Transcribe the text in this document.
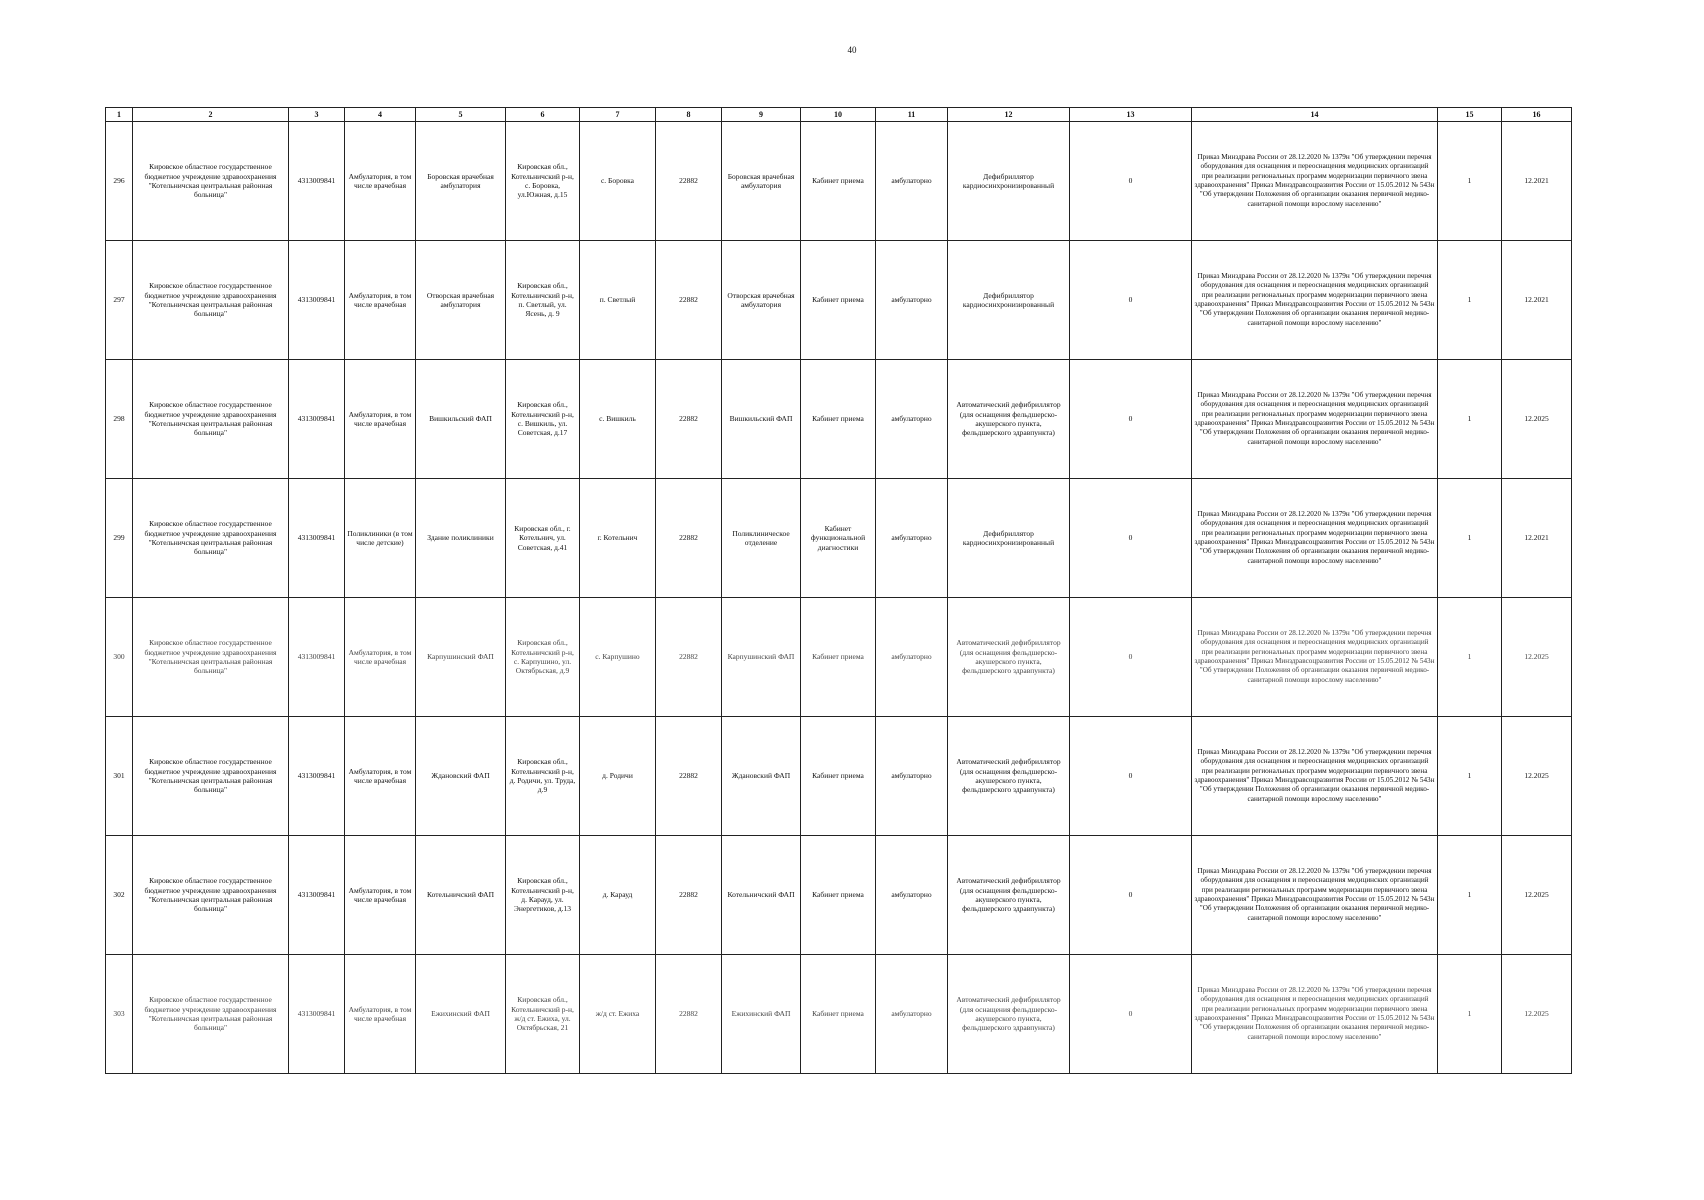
40
1	2	3	4	5	6	7	8	9	10	11	12	13	14	15	16
296	Кировское областное государственное бюджетное учреждение здравоохранения "Котельничская центральная районная больница"	4313009841	Амбулатория, в том числе врачебная	Боровская врачебная амбулатория	Кировская обл., Котельничский р-н, с. Боровка, ул.Южная, д.15	с. Боровка	22882	Боровская врачебная амбулатория	Кабинет приема	амбулаторно	Дефибриллятор кардиосинхронизированный	0	Приказ Минздрава России от 28.12.2020 № 1379н "Об утверждении перечня оборудования для оснащения и переоснащения медицинских организаций при реализации региональных программ модернизации первичного звена здравоохранения" Приказ Минздравсоцразвития России от 15.05.2012 № 543н "Об утверждении Положения об организации оказания первичной медико-санитарной помощи взрослому населению"	1	12.2021
297	Кировское областное государственное бюджетное учреждение здравоохранения "Котельничская центральная районная больница"	4313009841	Амбулатория, в том числе врачебная	Отворская врачебная амбулатория	Кировская обл., Котельничский р-н, п. Светлый, ул. Ясень, д. 9	п. Светлый	22882	Отворская врачебная амбулатория	Кабинет приема	амбулаторно	Дефибриллятор кардиосинхронизированный	0	Приказ Минздрава России от 28.12.2020 № 1379н "Об утверждении перечня оборудования для оснащения и переоснащения медицинских организаций при реализации региональных программ модернизации первичного звена здравоохранения" Приказ Минздравсоцразвития России от 15.05.2012 № 543н "Об утверждении Положения об организации оказания первичной медико-санитарной помощи взрослому населению"	1	12.2021
298	Кировское областное государственное бюджетное учреждение здравоохранения "Котельничская центральная районная больница"	4313009841	Амбулатория, в том числе врачебная	Вишкильский ФАП	Кировская обл., Котельничский р-н, с. Вишкиль, ул. Советская, д.17	с. Вишкиль	22882	Вишкильский ФАП	Кабинет приема	амбулаторно	Автоматический дефибриллятор (для оснащения фельдшерско-акушерского пункта, фельдшерского здравпункта)	0	Приказ Минздрава России от 28.12.2020 № 1379н "Об утверждении перечня оборудования для оснащения и переоснащения медицинских организаций при реализации региональных программ модернизации первичного звена здравоохранения" Приказ Минздравсоцразвития России от 15.05.2012 № 543н "Об утверждении Положения об организации оказания первичной медико-санитарной помощи взрослому населению"	1	12.2025
299	Кировское областное государственное бюджетное учреждение здравоохранения "Котельничская центральная районная больница"	4313009841	Поликлиники (в том числе детские)	Здание поликлиники	Кировская обл., г. Котельнич, ул. Советская, д.41	г. Котельнич	22882	Поликлиническое отделение	Кабинет функциональной диагностики	амбулаторно	Дефибриллятор кардиосинхронизированный	0	Приказ Минздрава России от 28.12.2020 № 1379н "Об утверждении перечня оборудования для оснащения и переоснащения медицинских организаций при реализации региональных программ модернизации первичного звена здравоохранения" Приказ Минздравсоцразвития России от 15.05.2012 № 543н "Об утверждении Положения об организации оказания первичной медико-санитарной помощи взрослому населению"	1	12.2021
300	Кировское областное государственное бюджетное учреждение здравоохранения "Котельничская центральная районная больница"	4313009841	Амбулатория, в том числе врачебная	Карпушинский ФАП	Кировская обл., Котельничский р-н, с. Карпушино, ул. Октябрьская, д.9	с. Карпушино	22882	Карпушинский ФАП	Кабинет приема	амбулаторно	Автоматический дефибриллятор (для оснащения фельдшерско-акушерского пункта, фельдшерского здравпункта)	0	Приказ Минздрава России от 28.12.2020 № 1379н "Об утверждении перечня оборудования для оснащения и переоснащения медицинских организаций при реализации региональных программ модернизации первичного звена здравоохранения" Приказ Минздравсоцразвития России от 15.05.2012 № 543н "Об утверждении Положения об организации оказания первичной медико-санитарной помощи взрослому населению"	1	12.2025
301	Кировское областное государственное бюджетное учреждение здравоохранения "Котельничская центральная районная больница"	4313009841	Амбулатория, в том числе врачебная	Ждановский ФАП	Кировская обл., Котельничский р-н, д. Родичи, ул. Труда, д.9	д. Родичи	22882	Ждановский ФАП	Кабинет приема	амбулаторно	Автоматический дефибриллятор (для оснащения фельдшерско-акушерского пункта, фельдшерского здравпункта)	0	Приказ Минздрава России от 28.12.2020 № 1379н "Об утверждении перечня оборудования для оснащения и переоснащения медицинских организаций при реализации региональных программ модернизации первичного звена здравоохранения" Приказ Минздравсоцразвития России от 15.05.2012 № 543н "Об утверждении Положения об организации оказания первичной медико-санитарной помощи взрослому населению"	1	12.2025
302	Кировское областное государственное бюджетное учреждение здравоохранения "Котельничская центральная районная больница"	4313009841	Амбулатория, в том числе врачебная	Котельничский ФАП	Кировская обл., Котельничский р-н, д. Карауд, ул. Энергетиков, д.13	д. Карауд	22882	Котельничский ФАП	Кабинет приема	амбулаторно	Автоматический дефибриллятор (для оснащения фельдшерско-акушерского пункта, фельдшерского здравпункта)	0	Приказ Минздрава России от 28.12.2020 № 1379н "Об утверждении перечня оборудования для оснащения и переоснащения медицинских организаций при реализации региональных программ модернизации первичного звена здравоохранения" Приказ Минздравсоцразвития России от 15.05.2012 № 543н "Об утверждении Положения об организации оказания первичной медико-санитарной помощи взрослому населению"	1	12.2025
303	Кировское областное государственное бюджетное учреждение здравоохранения "Котельничская центральная районная больница"	4313009841	Амбулатория, в том числе врачебная	Ежихинский ФАП	Кировская обл., Котельничский р-н, ж/д ст. Ежиха, ул. Октябрьская, 21	ж/д ст. Ежиха	22882	Ежихинский ФАП	Кабинет приема	амбулаторно	Автоматический дефибриллятор (для оснащения фельдшерско-акушерского пункта, фельдшерского здравпункта)	0	Приказ Минздрава России от 28.12.2020 № 1379н "Об утверждении перечня оборудования для оснащения и переоснащения медицинских организаций при реализации региональных программ модернизации первичного звена здравоохранения" Приказ Минздравсоцразвития России от 15.05.2012 № 543н "Об утверждении Положения об организации оказания первичной медико-санитарной помощи взрослому населению"	1	12.2025
